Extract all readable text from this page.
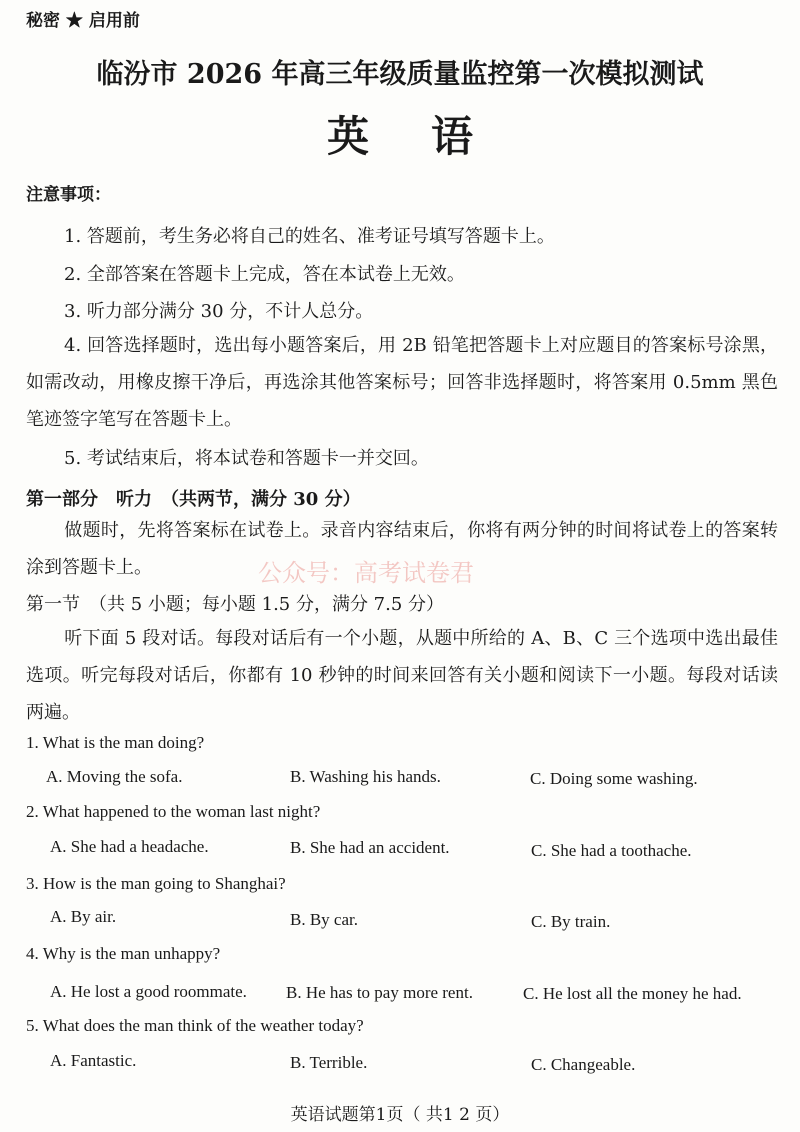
秘密 ★ 启用前
临汾市 2026 年高三年级质量监控第一次模拟测试
英语
注意事项：
1. 答题前，考生务必将自己的姓名、准考证号填写答题卡上。
2. 全部答案在答题卡上完成，答在本试卷上无效。
3. 听力部分满分 30 分，不计人总分。
4. 回答选择题时，选出每小题答案后，用 2B 铅笔把答题卡上对应题目的答案标号涂黑，如需改动，用橡皮擦干净后，再选涂其他答案标号；回答非选择题时，将答案用 0.5mm 黑色笔迹签字笔写在答题卡上。
5. 考试结束后，将本试卷和答题卡一并交回。
第一部分　听力　（共两节，满分 30 分）
做题时，先将答案标在试卷上。录音内容结束后，你将有两分钟的时间将试卷上的答案转涂到答题卡上。	公众号：高考试卷君
第一节　（共 5 小题；每小题 1.5 分，满分 7.5 分）
听下面 5 段对话。每段对话后有一个小题，从题中所给的 A、B、C 三个选项中选出最佳选项。听完每段对话后，你都有 10 秒钟的时间来回答有关小题和阅读下一小题。每段对话读两遍。
1. What is the man doing?
A. Moving the sofa.	B. Washing his hands.	C. Doing some washing.
2. What happened to the woman last night?
A. She had a headache.	B. She had an accident.	C. She had a toothache.
3. How is the man going to Shanghai?
A. By air.	B. By car.	C. By train.
4. Why is the man unhappy?
A. He lost a good roommate. B. He has to pay more rent.	C. He lost all the money he had.
5. What does the man think of the weather today?
A. Fantastic.	B. Terrible.	C. Changeable.
英语试题第1页（ 共1 2 页）
